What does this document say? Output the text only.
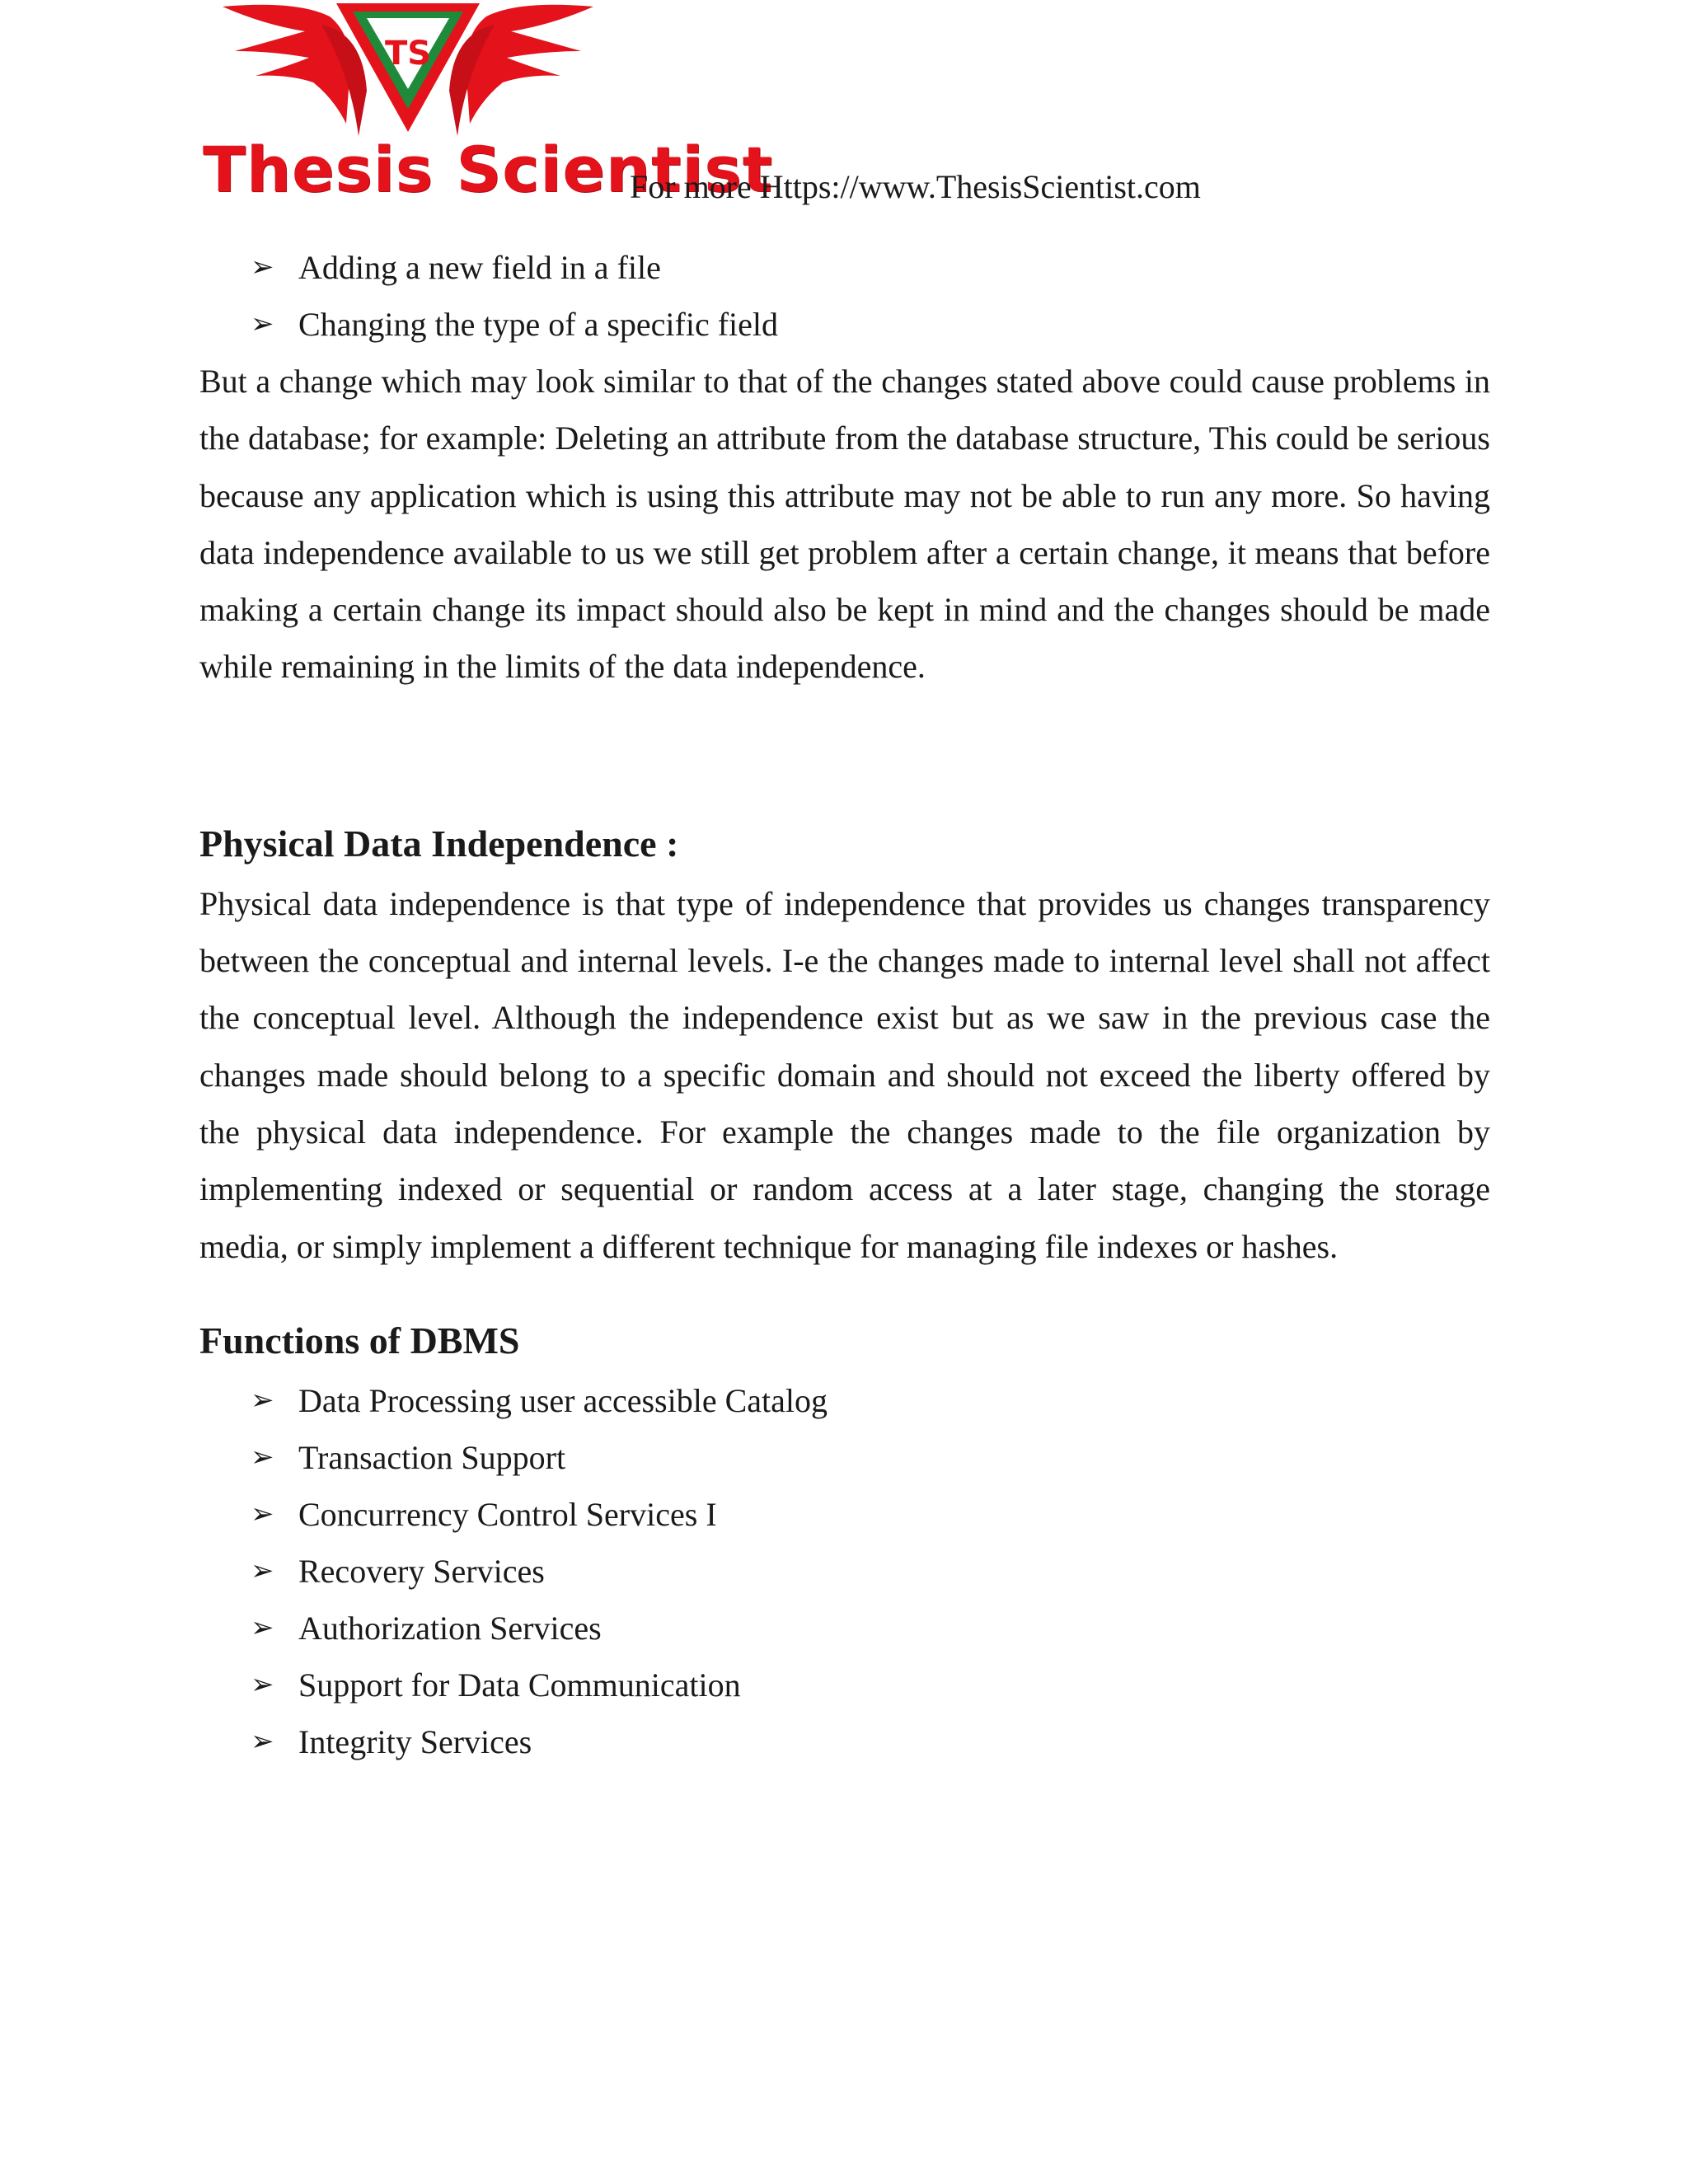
TS
Thesis Scientist
For more Https://www.ThesisScientist.com
➢ Adding a new field in a file
➢ Changing the type of a specific field

But a change which may look similar to that of the changes stated above could cause problems in the database; for example: Deleting an attribute from the database structure, This could be serious because any application which is using this attribute may not be able to run any more. So having data independence available to us we still get problem after a certain change, it means that before making a certain change its impact should also be kept in mind and the changes should be made while remaining in the limits of the data independence.

Physical Data Independence :

Physical data independence is that type of independence that provides us changes transparency between the conceptual and internal levels. I-e the changes made to internal level shall not affect the conceptual level. Although the independence exist but as we saw in the previous case the changes made should belong to a specific domain and should not exceed the liberty offered by the physical data independence. For example the changes made to the file organization by implementing indexed or sequential or random access at a later stage, changing the storage media, or simply implement a different technique for managing file indexes or hashes.

Functions of DBMS
➢ Data Processing user accessible Catalog
➢ Transaction Support
➢ Concurrency Control Services I
➢ Recovery Services
➢ Authorization Services
➢ Support for Data Communication
➢ Integrity Services
